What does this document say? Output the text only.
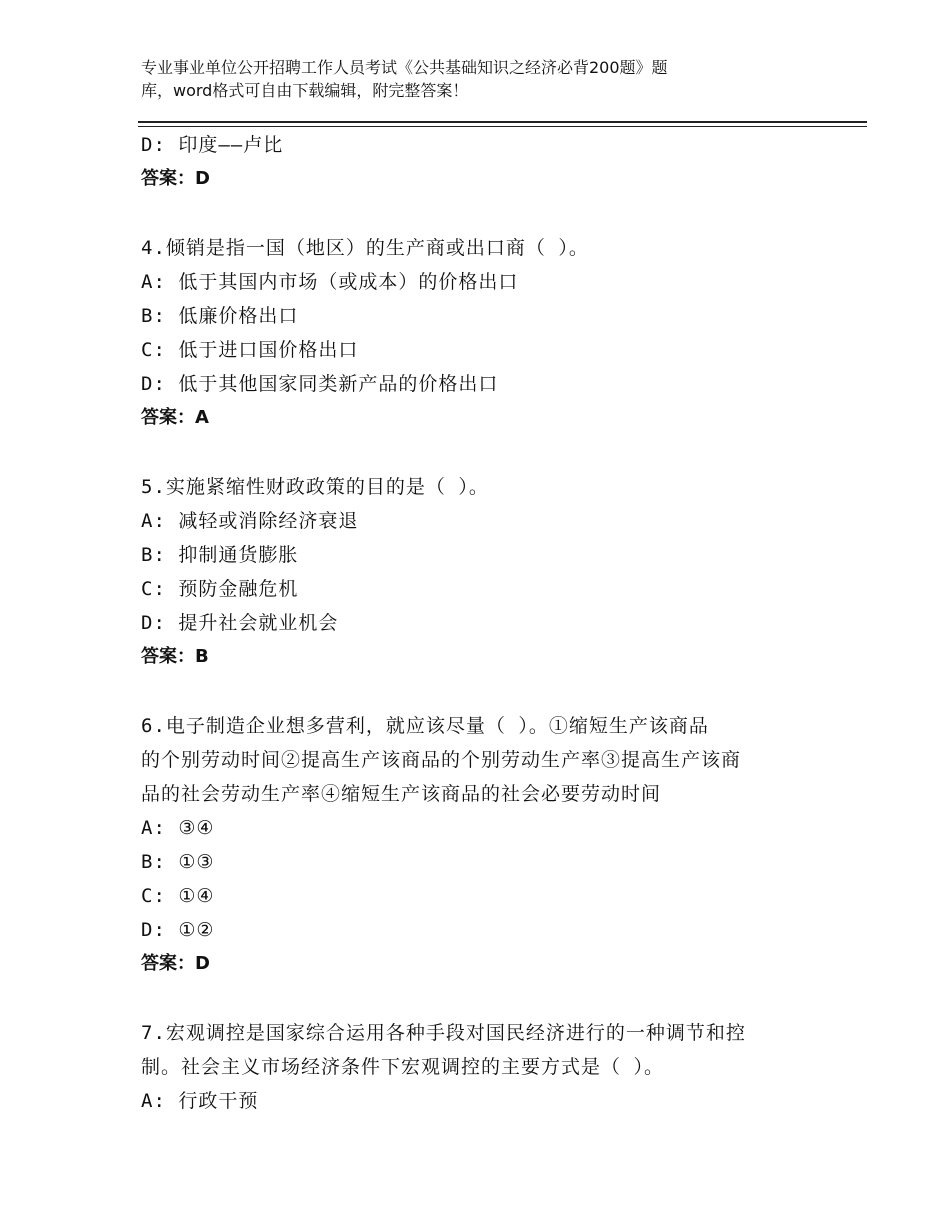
专业事业单位公开招聘工作人员考试《公共基础知识之经济必背200题》题
库，word格式可自由下载编辑，附完整答案！
D: 印度——卢比
答案：D
4.倾销是指一国（地区）的生产商或出口商（ ）。
A: 低于其国内市场（或成本）的价格出口
B: 低廉价格出口
C: 低于进口国价格出口
D: 低于其他国家同类新产品的价格出口
答案：A
5.实施紧缩性财政政策的目的是（ ）。
A: 减轻或消除经济衰退
B: 抑制通货膨胀
C: 预防金融危机
D: 提升社会就业机会
答案：B
6.电子制造企业想多营利，就应该尽量（ ）。①缩短生产该商品
的个别劳动时间②提高生产该商品的个别劳动生产率③提高生产该商
品的社会劳动生产率④缩短生产该商品的社会必要劳动时间
A: ③④
B: ①③
C: ①④
D: ①②
答案：D
7.宏观调控是国家综合运用各种手段对国民经济进行的一种调节和控
制。社会主义市场经济条件下宏观调控的主要方式是（ ）。
A: 行政干预
